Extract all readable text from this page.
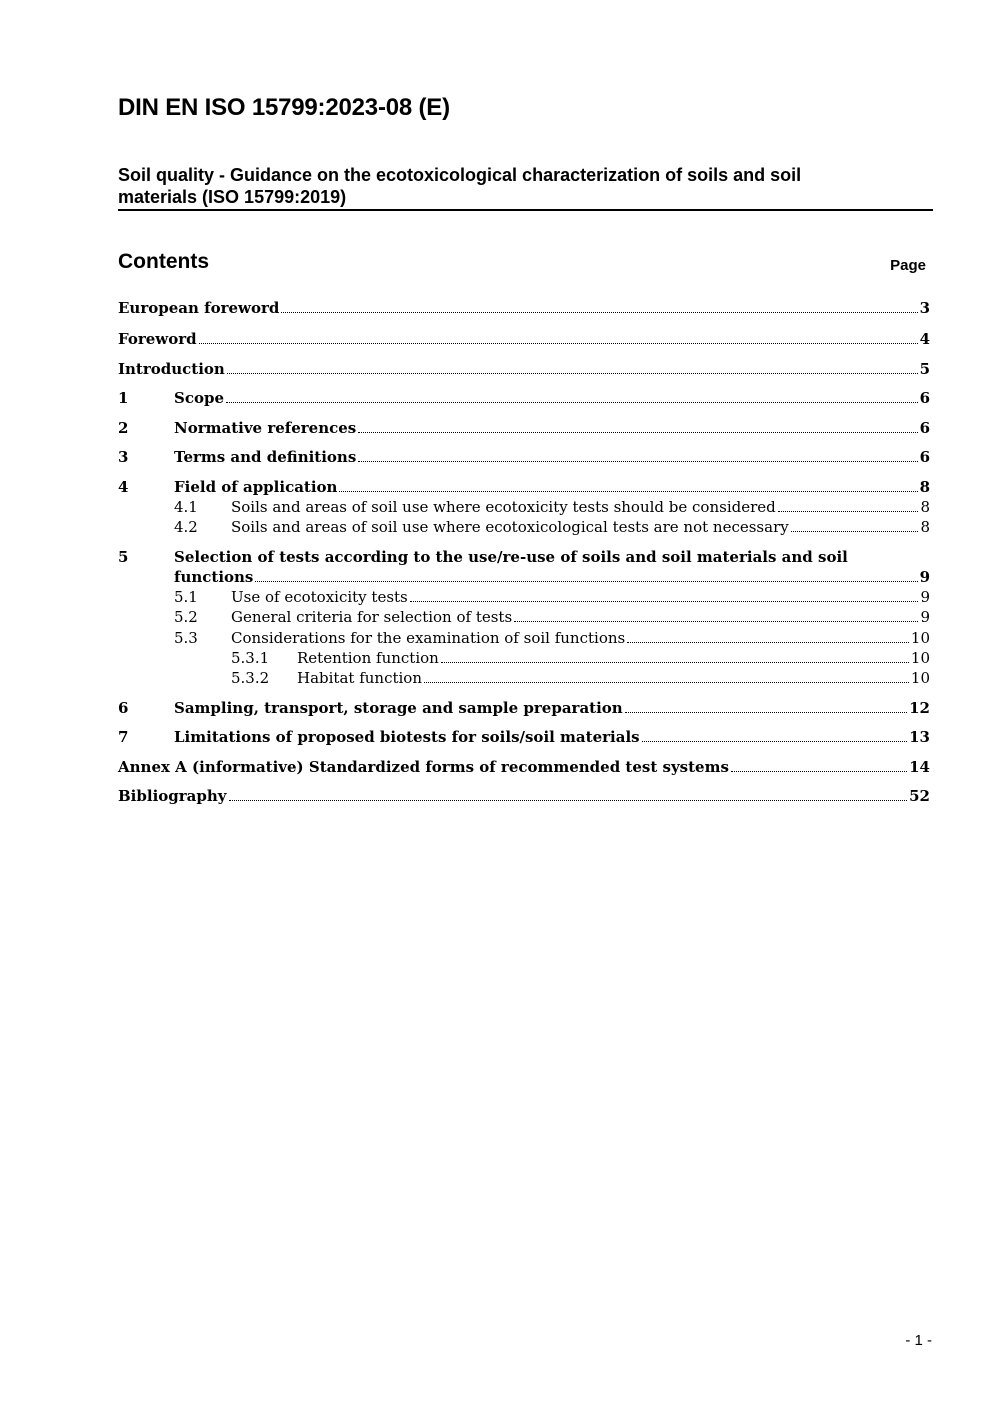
DIN EN ISO 15799:2023-08 (E)
Soil quality - Guidance on the ecotoxicological characterization of soils and soil
materials (ISO 15799:2019)
Contents	Page
European foreword	3
Foreword	4
Introduction	5
1	Scope	6
2	Normative references	6
3	Terms and definitions	6
4	Field of application	8
4.1	Soils and areas of soil use where ecotoxicity tests should be considered	8
4.2	Soils and areas of soil use where ecotoxicological tests are not necessary	8
5	Selection of tests according to the use/re-use of soils and soil materials and soil
functions	9
5.1	Use of ecotoxicity tests	9
5.2	General criteria for selection of tests	9
5.3	Considerations for the examination of soil functions	10
5.3.1	Retention function	10
5.3.2	Habitat function	10
6	Sampling, transport, storage and sample preparation	12
7	Limitations of proposed biotests for soils/soil materials	13
Annex A (informative) Standardized forms of recommended test systems	14
Bibliography	52
- 1 -
